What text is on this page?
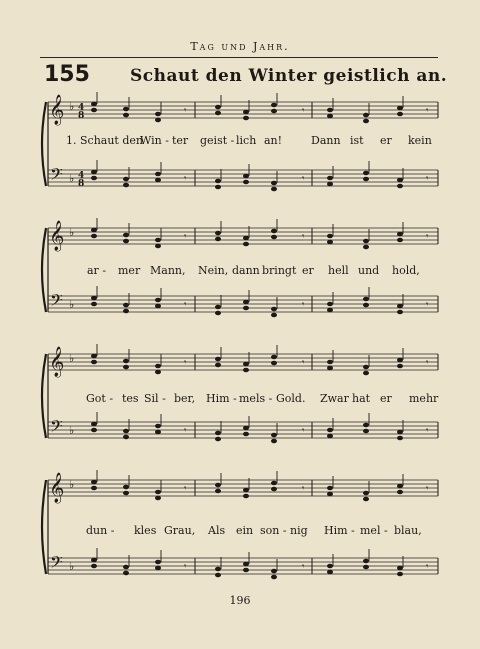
Tag und Jahr.
155 Schaut den Winter geistlich an.
𝄞
𝄢
♭
♭
4
8
4
8
𝄾
𝄾
𝄾
𝄾
𝄾
𝄾
1. Schaut den
Win - ter geist - lich an!	Dann ist er kein
𝄞
𝄢
♭
♭
𝄾
𝄾
𝄾
𝄾
𝄾
𝄾
ar - mer Mann, Nein, dann bringt er hell und hold,
𝄞
𝄢
♭
♭
𝄾
𝄾
𝄾
𝄾
𝄾
𝄾
Got - tes Sil - ber, Him - mels - Gold. Zwar hat er mehr
𝄞
𝄢
♭
♭
𝄾
𝄾
𝄾
𝄾
𝄾
𝄾
dun - kles Grau, Als ein son - nig Him - mel - blau,
196
